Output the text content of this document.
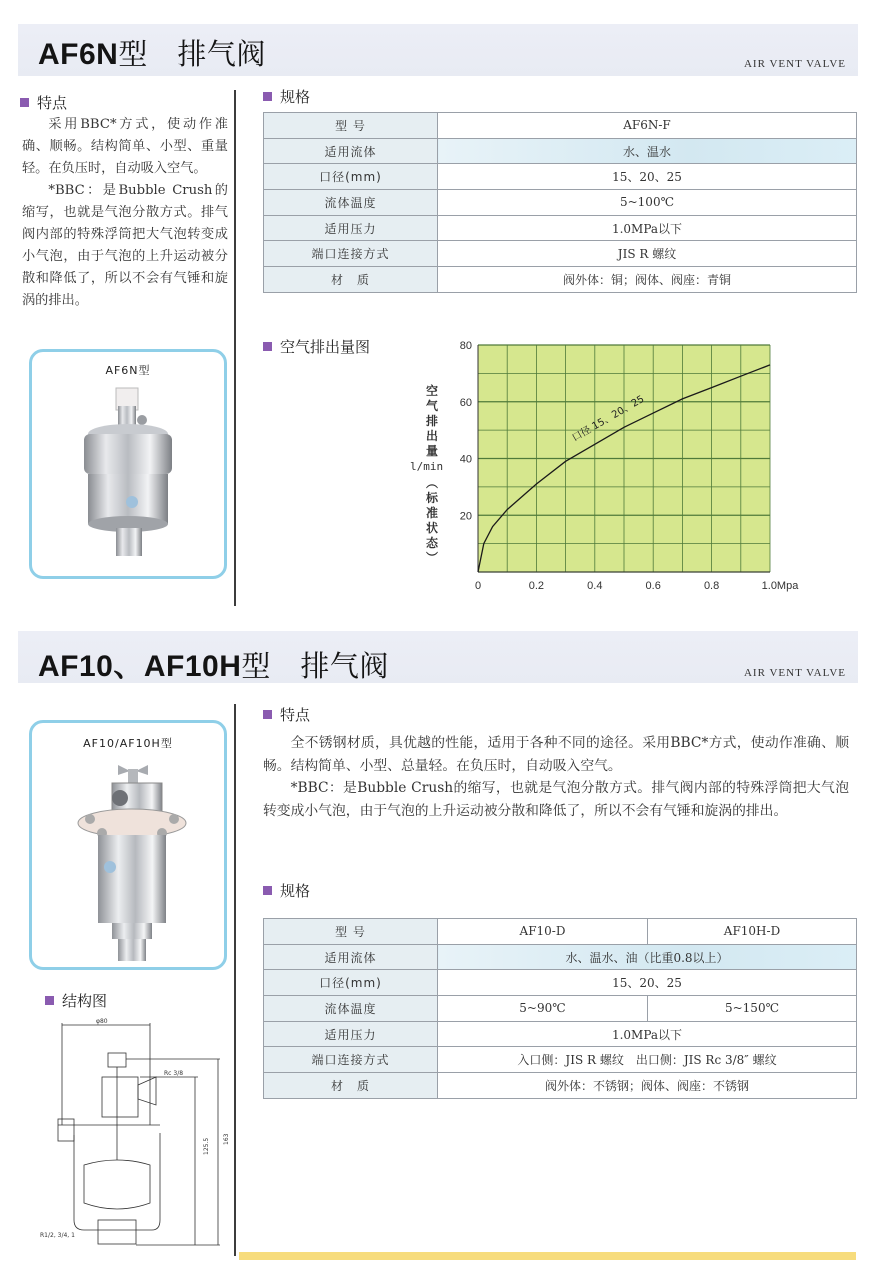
AF6N型　排气阀	AIR VENT VALVE
特点

采用BBC*方式，使动作准确、顺畅。结构简单、小型、重量轻。在负压时，自动吸入空气。

*BBC：是Bubble Crush的缩写，也就是气泡分散方式。排气阀内部的特殊浮筒把大气泡转变成小气泡，由于气泡的上升运动被分散和降低了，所以不会有气锤和旋涡的排出。

AF6N型
规格
型 号	AF6N-F
适用流体	水、温水
口径(mm)	15、20、25
流体温度	5~100℃
适用压力	1.0MPa以下
端口连接方式	JIS R 螺纹
材　质	阀外体：铜；阀体、阀座：青铜
空气排出量图
空
气
排
出
量
l/min
︵
标
准
状
态
︶
20
40
60
80
0	0.2	0.4	0.6	0.8	1.0Mpa
口径 15、20、25
AF10、AF10H型　排气阀	AIR VENT VALVE
AF10/AF10H型
结构图
φ80
Rc 3/8
R1/2, 3/4, 1
125.5 163
特点

全不锈钢材质，具优越的性能，适用于各种不同的途径。采用BBC*方式，使动作准确、顺畅。结构简单、小型、总量轻。在负压时，自动吸入空气。

*BBC：是Bubble Crush的缩写，也就是气泡分散方式。排气阀内部的特殊浮筒把大气泡转变成小气泡，由于气泡的上升运动被分散和降低了，所以不会有气锤和旋涡的排出。

规格
型 号	AF10-D	AF10H-D
适用流体	水、温水、油（比重0.8以上）	
口径(mm)	15、20、25	
流体温度	5~90℃	5~150℃
适用压力	1.0MPa以下	
端口连接方式	入口侧：JIS R 螺纹　出口侧：JIS Rc 3/8″ 螺纹	
材　质	阀外体：不锈钢；阀体、阀座：不锈钢	
